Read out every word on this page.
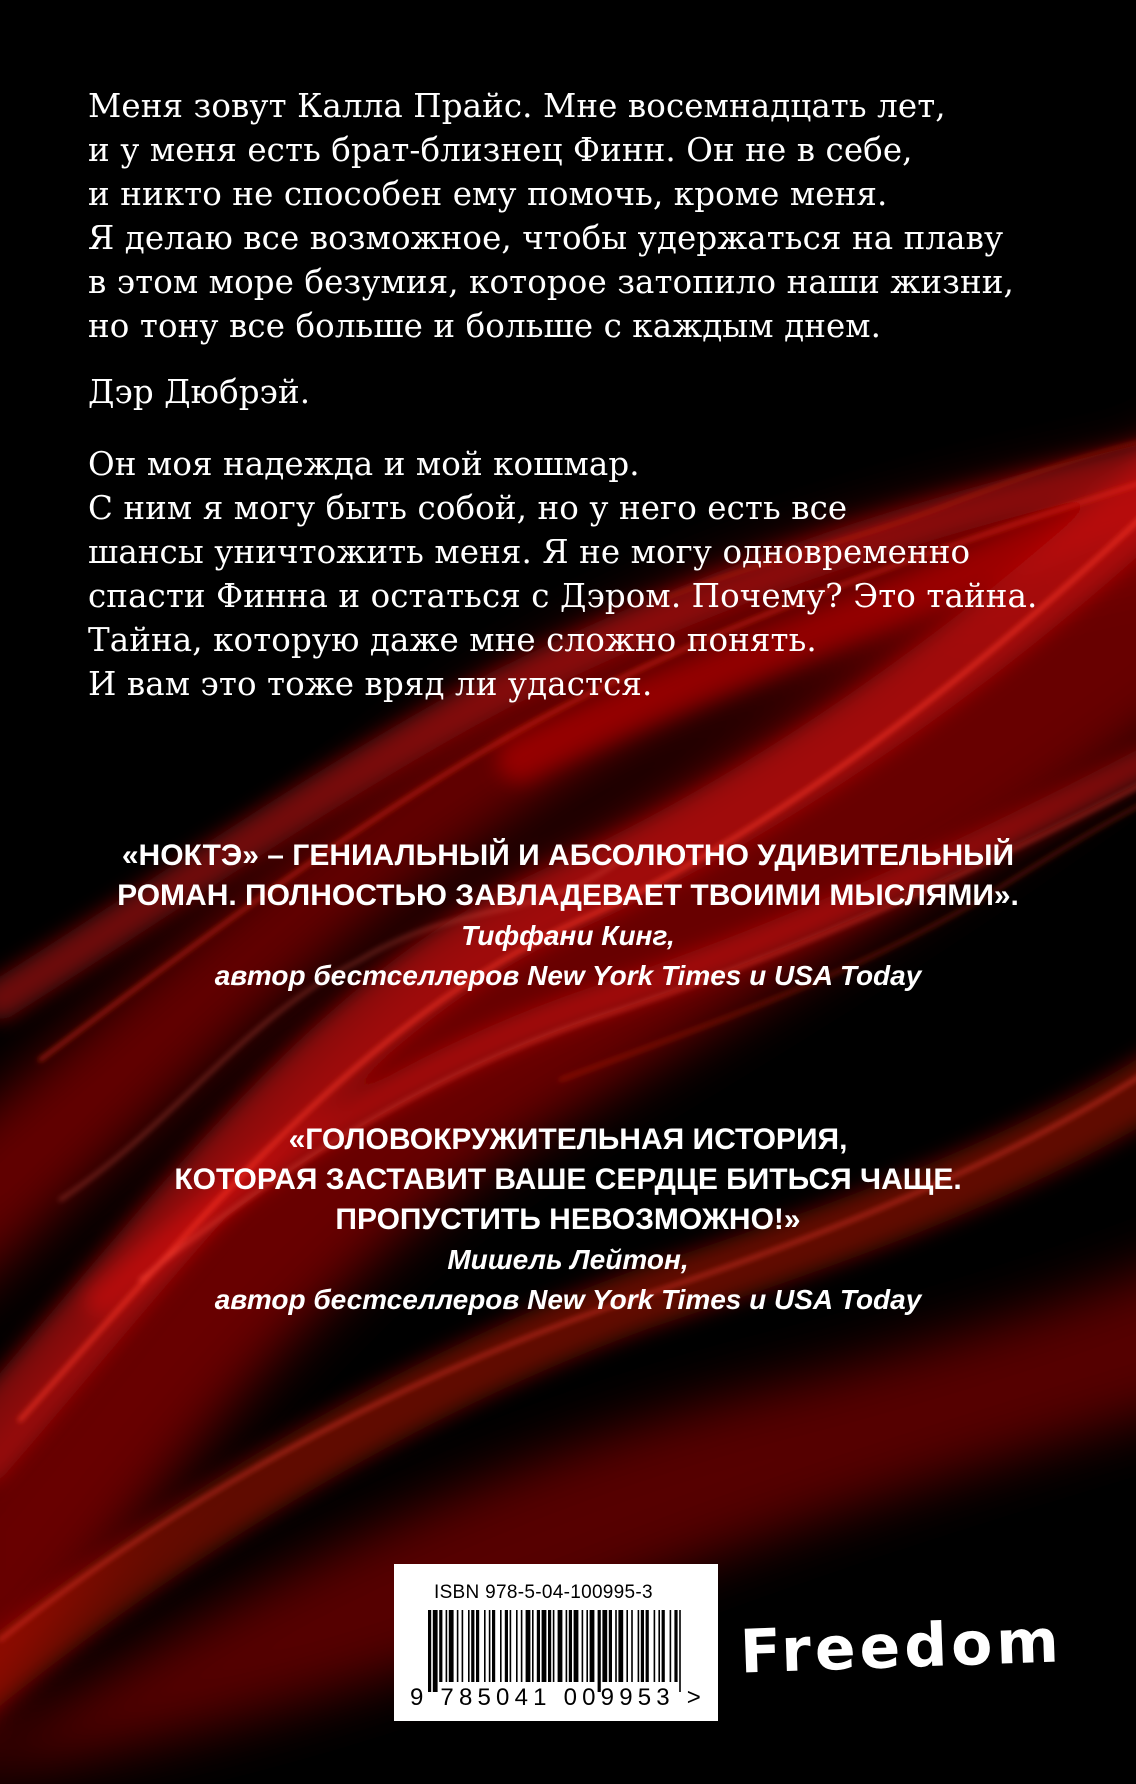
Меня зовут Калла Прайс. Мне восемнадцать лет,
и у меня есть брат-близнец Финн. Он не в себе,
и никто не способен ему помочь, кроме меня.
Я делаю все возможное, чтобы удержаться на плаву
в этом море безумия, которое затопило наши жизни,
но тону все больше и больше с каждым днем.

Дэр Дюбрэй.

Он моя надежда и мой кошмар.
С ним я могу быть собой, но у него есть все
шансы уничтожить меня. Я не могу одновременно
спасти Финна и остаться с Дэром. Почему? Это тайна.
Тайна, которую даже мне сложно понять.
И вам это тоже вряд ли удастся.

«НОКТЭ» – ГЕНИАЛЬНЫЙ И АБСОЛЮТНО УДИВИТЕЛЬНЫЙ
РОМАН. ПОЛНОСТЬЮ ЗАВЛАДЕВАЕТ ТВОИМИ МЫСЛЯМИ».
Тиффани Кинг,
автор бестселлеров New York Times и USA Today
«ГОЛОВОКРУЖИТЕЛЬНАЯ ИСТОРИЯ,
КОТОРАЯ ЗАСТАВИТ ВАШЕ СЕРДЦЕ БИТЬСЯ ЧАЩЕ.
ПРОПУСТИТЬ НЕВОЗМОЖНО!»
Мишель Лейтон,
автор бестселлеров New York Times и USA Today
ISBN 978-5-04-100995-3
9 785041 009953 >
Freedom
